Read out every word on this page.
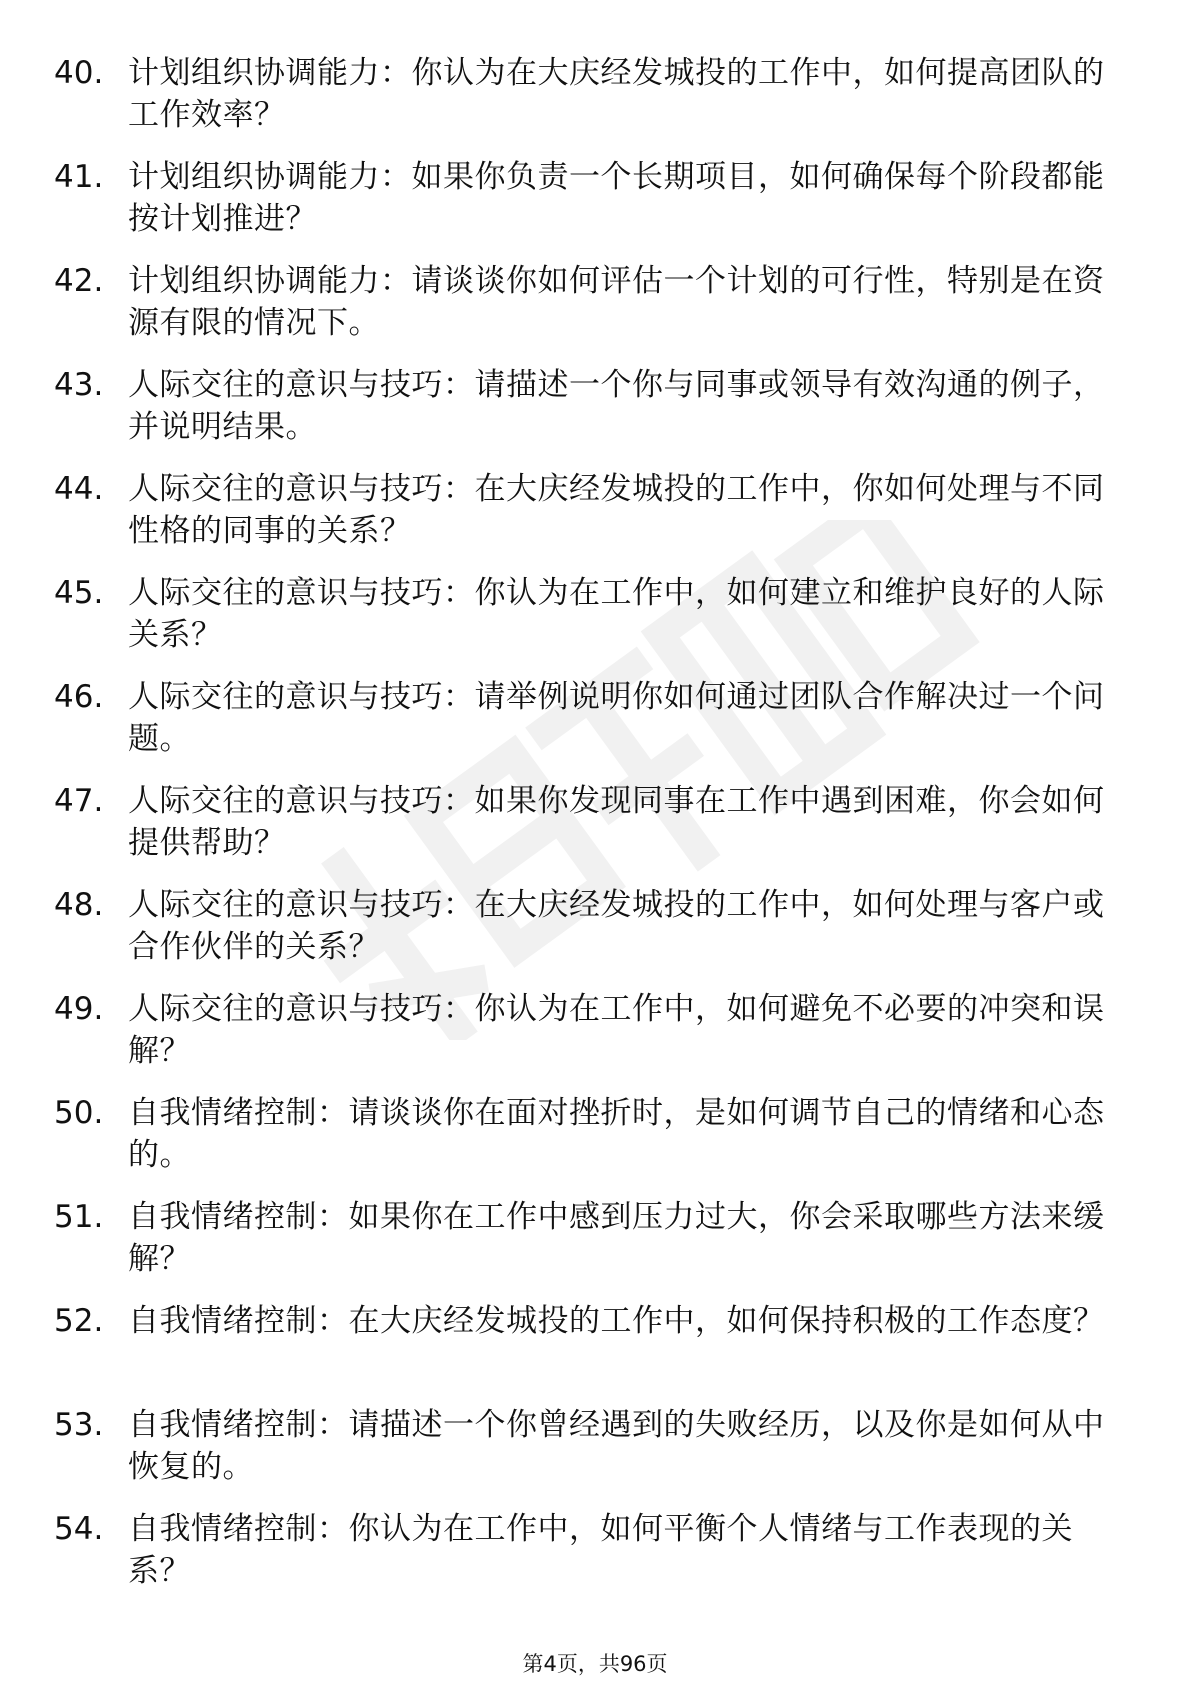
40. 计划组织协调能力：你认为在大庆经发城投的工作中，如何提高团队的工作效率？
41. 计划组织协调能力：如果你负责一个长期项目，如何确保每个阶段都能按计划推进？
42. 计划组织协调能力：请谈谈你如何评估一个计划的可行性，特别是在资源有限的情况下。
43. 人际交往的意识与技巧：请描述一个你与同事或领导有效沟通的例子，并说明结果。
44. 人际交往的意识与技巧：在大庆经发城投的工作中，你如何处理与不同性格的同事的关系？
45. 人际交往的意识与技巧：你认为在工作中，如何建立和维护良好的人际关系？
46. 人际交往的意识与技巧：请举例说明你如何通过团队合作解决过一个问题。
47. 人际交往的意识与技巧：如果你发现同事在工作中遇到困难，你会如何提供帮助？
48. 人际交往的意识与技巧：在大庆经发城投的工作中，如何处理与客户或合作伙伴的关系？
49. 人际交往的意识与技巧：你认为在工作中，如何避免不必要的冲突和误解？
50. 自我情绪控制：请谈谈你在面对挫折时，是如何调节自己的情绪和心态的。
51. 自我情绪控制：如果你在工作中感到压力过大，你会采取哪些方法来缓解？
52. 自我情绪控制：在大庆经发城投的工作中，如何保持积极的工作态度？
53. 自我情绪控制：请描述一个你曾经遇到的失败经历，以及你是如何从中恢复的。
54. 自我情绪控制：你认为在工作中，如何平衡个人情绪与工作表现的关系？
第4页，共96页
